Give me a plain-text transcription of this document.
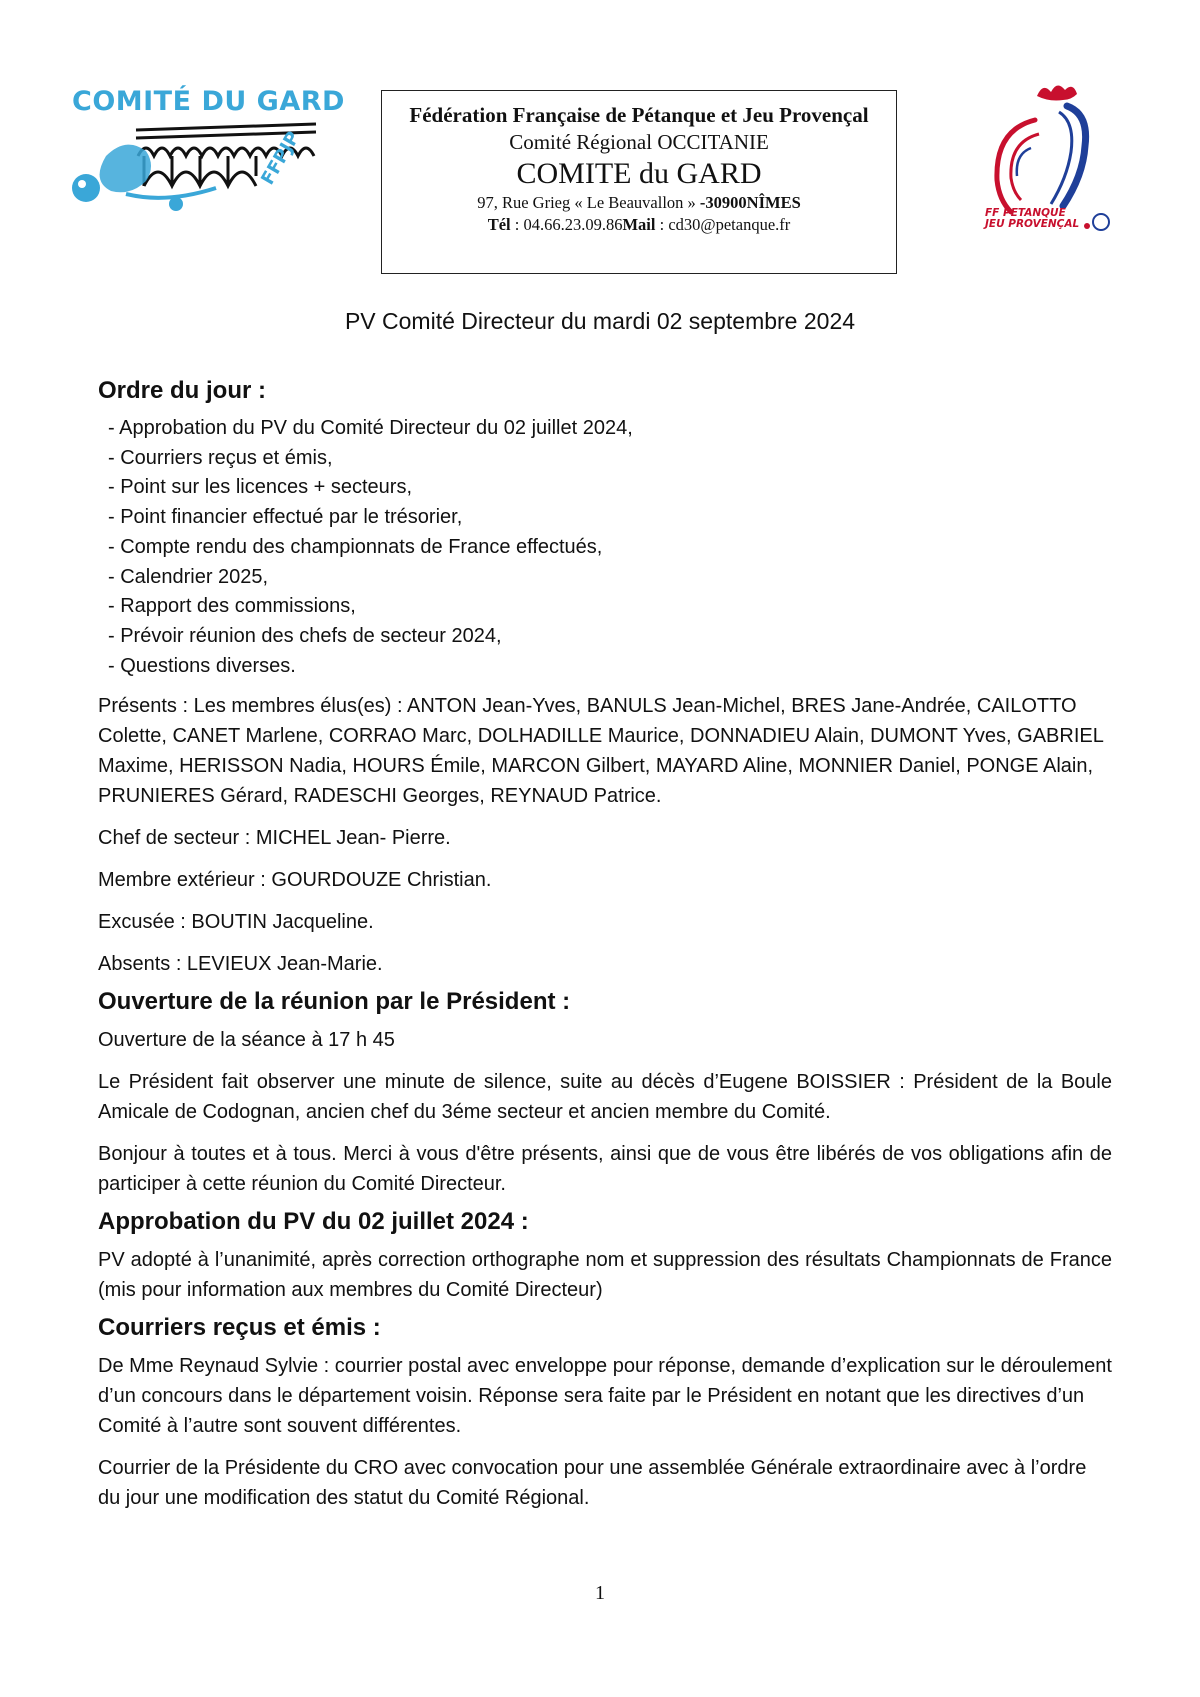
COMITÉ DU GARD
FFPJP
Fédération Française de Pétanque et Jeu Provençal
Comité Régional OCCITANIE
COMITE du GARD
97, Rue Grieg « Le Beauvallon » -30900NÎMES
Tél : 04.66.23.09.86Mail : cd30@petanque.fr
FF PETANQUE
JEU PROVENÇAL
PV Comité Directeur du mardi 02 septembre 2024
Ordre du jour :
- Approbation du PV du Comité Directeur du 02 juillet 2024,
- Courriers reçus et émis,
- Point sur les licences + secteurs,
- Point financier effectué par le trésorier,
- Compte rendu des championnats de France effectués,
- Calendrier 2025,
- Rapport des commissions,
- Prévoir réunion des chefs de secteur 2024,
- Questions diverses.

Présents : Les membres élus(es) : ANTON Jean-Yves, BANULS Jean-Michel, BRES Jane-Andrée, CAILOTTO Colette, CANET Marlene, CORRAO Marc, DOLHADILLE Maurice, DONNADIEU Alain, DUMONT Yves, GABRIEL Maxime, HERISSON Nadia, HOURS Émile, MARCON Gilbert, MAYARD Aline, MONNIER Daniel, PONGE Alain, PRUNIERES Gérard, RADESCHI Georges, REYNAUD Patrice.

Chef de secteur : MICHEL Jean- Pierre.

Membre extérieur : GOURDOUZE Christian.

Excusée : BOUTIN Jacqueline.

Absents : LEVIEUX Jean-Marie.

Ouverture de la réunion par le Président :

Ouverture de la séance à 17 h 45

Le Président fait observer une minute de silence, suite au décès d’Eugene BOISSIER : Président de la Boule Amicale de Codognan, ancien chef du 3éme secteur et ancien membre du Comité.

Bonjour à toutes et à tous. Merci à vous d'être présents, ainsi que de vous être libérés de vos obligations afin de participer à cette réunion du Comité Directeur.

Approbation du PV du 02 juillet 2024 :

PV adopté à l’unanimité, après correction orthographe nom et suppression des résultats Championnats de France (mis pour information aux membres du Comité Directeur)

Courriers reçus et émis :

De Mme Reynaud Sylvie : courrier postal avec enveloppe pour réponse, demande d’explication sur le déroulement d’un concours dans le département voisin. Réponse sera faite par le Président en notant que les directives d’un Comité à l’autre sont souvent différentes.

Courrier de la Présidente du CRO avec convocation pour une assemblée Générale extraordinaire avec à l’ordre du jour une modification des statut du Comité Régional.

1
